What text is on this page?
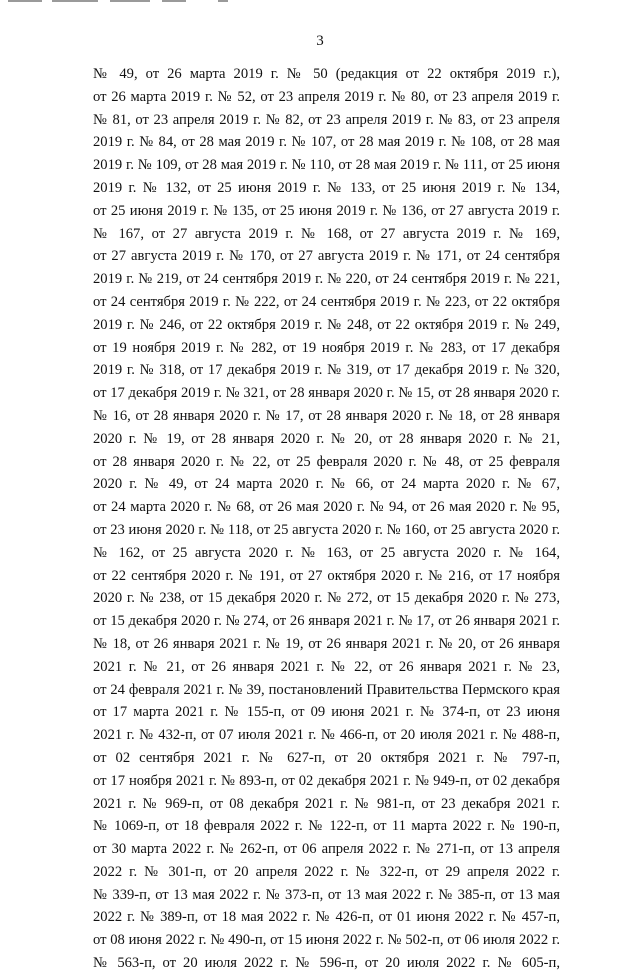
3
№ 49, от 26 марта 2019 г. № 50 (редакция от 22 октября 2019 г.),
от 26 марта 2019 г. № 52, от 23 апреля 2019 г. № 80, от 23 апреля 2019 г.
№ 81, от 23 апреля 2019 г. № 82, от 23 апреля 2019 г. № 83, от 23 апреля
2019 г. № 84, от 28 мая 2019 г. № 107, от 28 мая 2019 г. № 108, от 28 мая
2019 г. № 109, от 28 мая 2019 г. № 110, от 28 мая 2019 г. № 111, от 25 июня
2019 г. № 132, от 25 июня 2019 г. № 133, от 25 июня 2019 г. № 134,
от 25 июня 2019 г. № 135, от 25 июня 2019 г. № 136, от 27 августа 2019 г.
№ 167, от 27 августа 2019 г. № 168, от 27 августа 2019 г. № 169,
от 27 августа 2019 г. № 170, от 27 августа 2019 г. № 171, от 24 сентября
2019 г. № 219, от 24 сентября 2019 г. № 220, от 24 сентября 2019 г. № 221,
от 24 сентября 2019 г. № 222, от 24 сентября 2019 г. № 223, от 22 октября
2019 г. № 246, от 22 октября 2019 г. № 248, от 22 октября 2019 г. № 249,
от 19 ноября 2019 г. № 282, от 19 ноября 2019 г. № 283, от 17 декабря
2019 г. № 318, от 17 декабря 2019 г. № 319, от 17 декабря 2019 г. № 320,
от 17 декабря 2019 г. № 321, от 28 января 2020 г. № 15, от 28 января 2020 г.
№ 16, от 28 января 2020 г. № 17, от 28 января 2020 г. № 18, от 28 января
2020 г. № 19, от 28 января 2020 г. № 20, от 28 января 2020 г. № 21,
от 28 января 2020 г. № 22, от 25 февраля 2020 г. № 48, от 25 февраля
2020 г. № 49, от 24 марта 2020 г. № 66, от 24 марта 2020 г. № 67,
от 24 марта 2020 г. № 68, от 26 мая 2020 г. № 94, от 26 мая 2020 г. № 95,
от 23 июня 2020 г. № 118, от 25 августа 2020 г. № 160, от 25 августа 2020 г.
№ 162, от 25 августа 2020 г. № 163, от 25 августа 2020 г. № 164,
от 22 сентября 2020 г. № 191, от 27 октября 2020 г. № 216, от 17 ноября
2020 г. № 238, от 15 декабря 2020 г. № 272, от 15 декабря 2020 г. № 273,
от 15 декабря 2020 г. № 274, от 26 января 2021 г. № 17, от 26 января 2021 г.
№ 18, от 26 января 2021 г. № 19, от 26 января 2021 г. № 20, от 26 января
2021 г. № 21, от 26 января 2021 г. № 22, от 26 января 2021 г. № 23,
от 24 февраля 2021 г. № 39, постановлений Правительства Пермского края
от 17 марта 2021 г. № 155-п, от 09 июня 2021 г. № 374-п, от 23 июня
2021 г. № 432-п, от 07 июля 2021 г. № 466-п, от 20 июля 2021 г. № 488-п,
от 02 сентября 2021 г. № 627-п, от 20 октября 2021 г. № 797-п,
от 17 ноября 2021 г. № 893-п, от 02 декабря 2021 г. № 949-п, от 02 декабря
2021 г. № 969-п, от 08 декабря 2021 г. № 981-п, от 23 декабря 2021 г.
№ 1069-п, от 18 февраля 2022 г. № 122-п, от 11 марта 2022 г. № 190-п,
от 30 марта 2022 г. № 262-п, от 06 апреля 2022 г. № 271-п, от 13 апреля
2022 г. № 301-п, от 20 апреля 2022 г. № 322-п, от 29 апреля 2022 г.
№ 339-п, от 13 мая 2022 г. № 373-п, от 13 мая 2022 г. № 385-п, от 13 мая
2022 г. № 389-п, от 18 мая 2022 г. № 426-п, от 01 июня 2022 г. № 457-п,
от 08 июня 2022 г. № 490-п, от 15 июня 2022 г. № 502-п, от 06 июля 2022 г.
№ 563-п, от 20 июля 2022 г. № 596-п, от 20 июля 2022 г. № 605-п,
